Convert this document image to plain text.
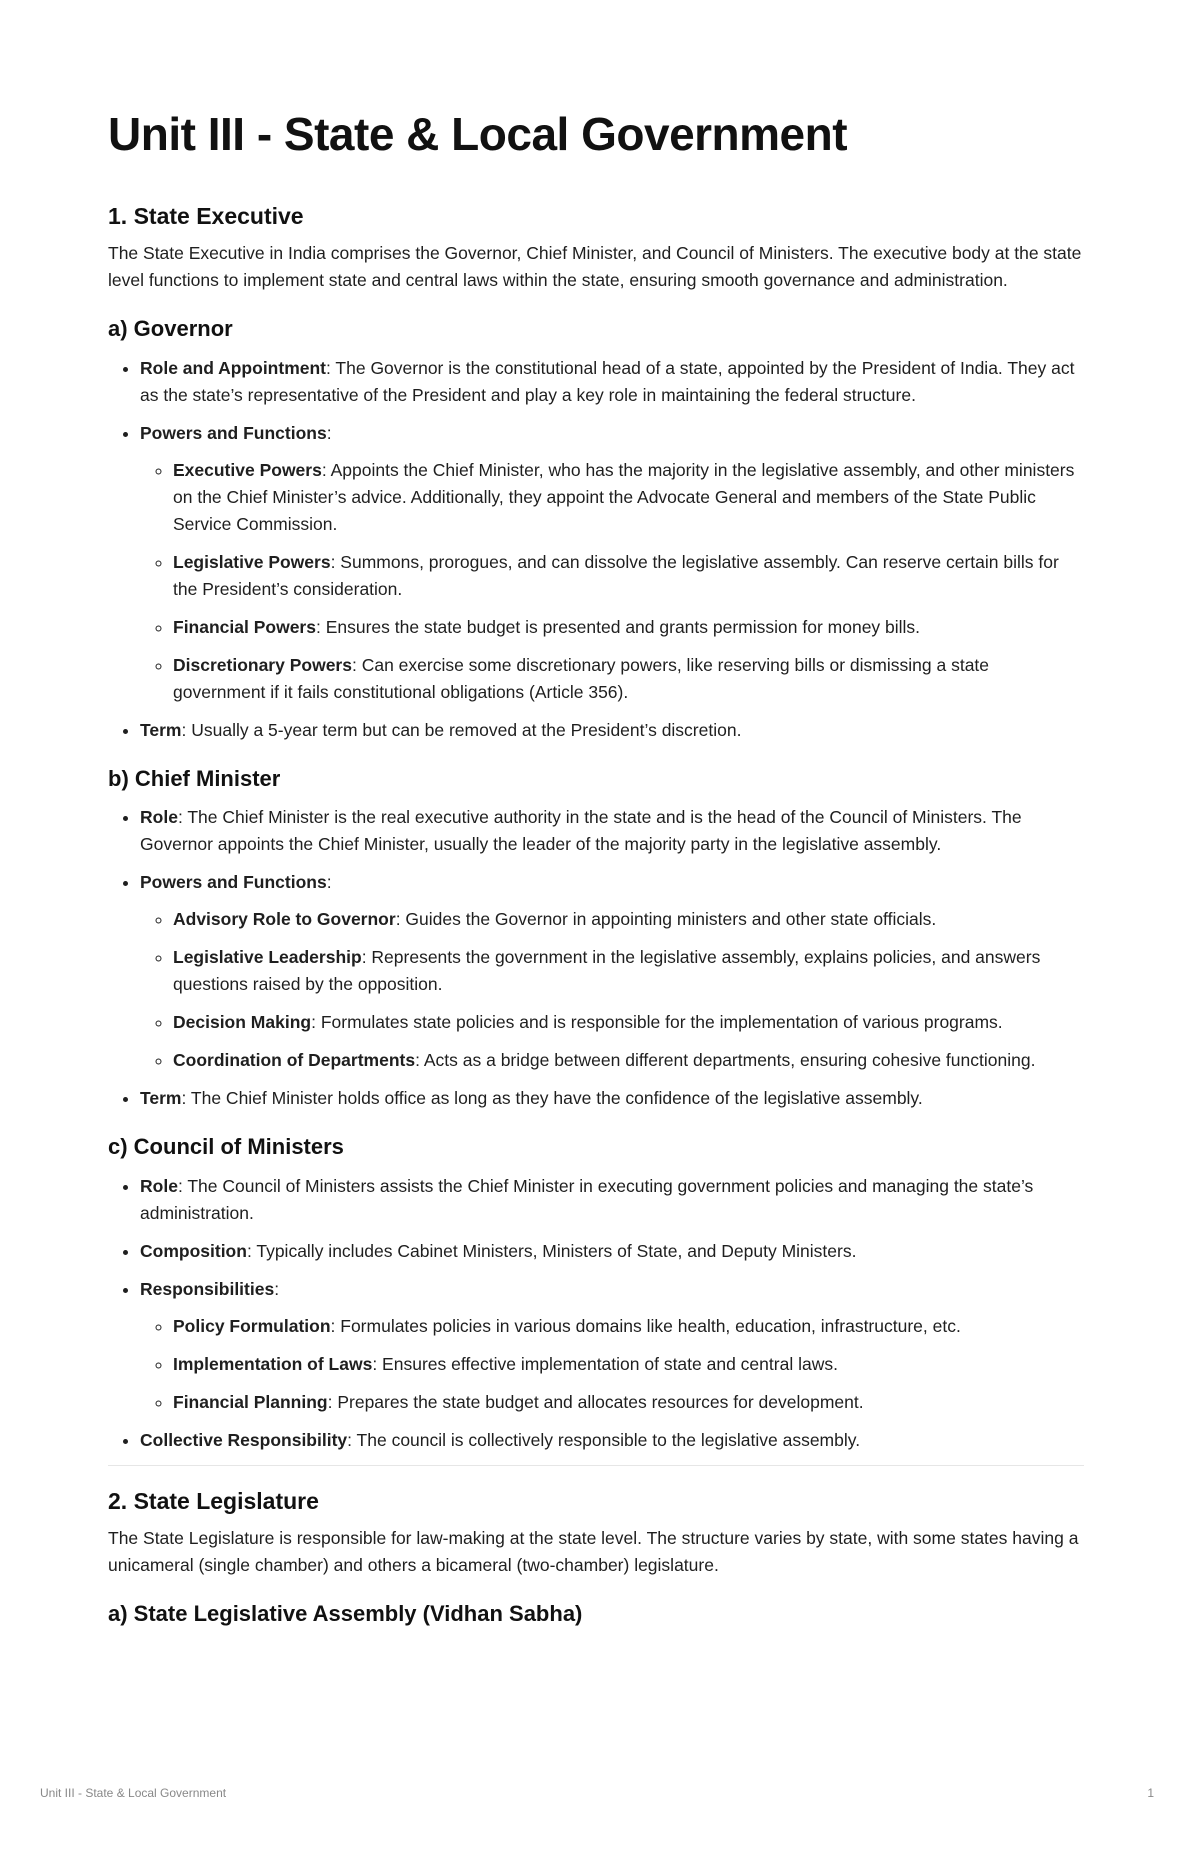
Unit III - State & Local Government
1. State Executive

The State Executive in India comprises the Governor, Chief Minister, and Council of Ministers. The executive body at the state level functions to implement state and central laws within the state, ensuring smooth governance and administration.

a) Governor
• Role and Appointment: The Governor is the constitutional head of a state, appointed by the President of India. They act as the state’s representative of the President and play a key role in maintaining the federal structure.
• Powers and Functions:
◦ Executive Powers: Appoints the Chief Minister, who has the majority in the legislative assembly, and other ministers on the Chief Minister’s advice. Additionally, they appoint the Advocate General and members of the State Public Service Commission.
◦ Legislative Powers: Summons, prorogues, and can dissolve the legislative assembly. Can reserve certain bills for the President’s consideration.
◦ Financial Powers: Ensures the state budget is presented and grants permission for money bills.
◦ Discretionary Powers: Can exercise some discretionary powers, like reserving bills or dismissing a state government if it fails constitutional obligations (Article 356).
• Term: Usually a 5-year term but can be removed at the President’s discretion.
b) Chief Minister
• Role: The Chief Minister is the real executive authority in the state and is the head of the Council of Ministers. The Governor appoints the Chief Minister, usually the leader of the majority party in the legislative assembly.
• Powers and Functions:
◦ Advisory Role to Governor: Guides the Governor in appointing ministers and other state officials.
◦ Legislative Leadership: Represents the government in the legislative assembly, explains policies, and answers questions raised by the opposition.
◦ Decision Making: Formulates state policies and is responsible for the implementation of various programs.
◦ Coordination of Departments: Acts as a bridge between different departments, ensuring cohesive functioning.
• Term: The Chief Minister holds office as long as they have the confidence of the legislative assembly.
c) Council of Ministers
• Role: The Council of Ministers assists the Chief Minister in executing government policies and managing the state’s administration.
• Composition: Typically includes Cabinet Ministers, Ministers of State, and Deputy Ministers.
• Responsibilities:
◦ Policy Formulation: Formulates policies in various domains like health, education, infrastructure, etc.
◦ Implementation of Laws: Ensures effective implementation of state and central laws.
◦ Financial Planning: Prepares the state budget and allocates resources for development.
• Collective Responsibility: The council is collectively responsible to the legislative assembly.
2. State Legislature

The State Legislature is responsible for law-making at the state level. The structure varies by state, with some states having a unicameral (single chamber) and others a bicameral (two-chamber) legislature.

a) State Legislative Assembly (Vidhan Sabha)
Unit III - State & Local Government	1
